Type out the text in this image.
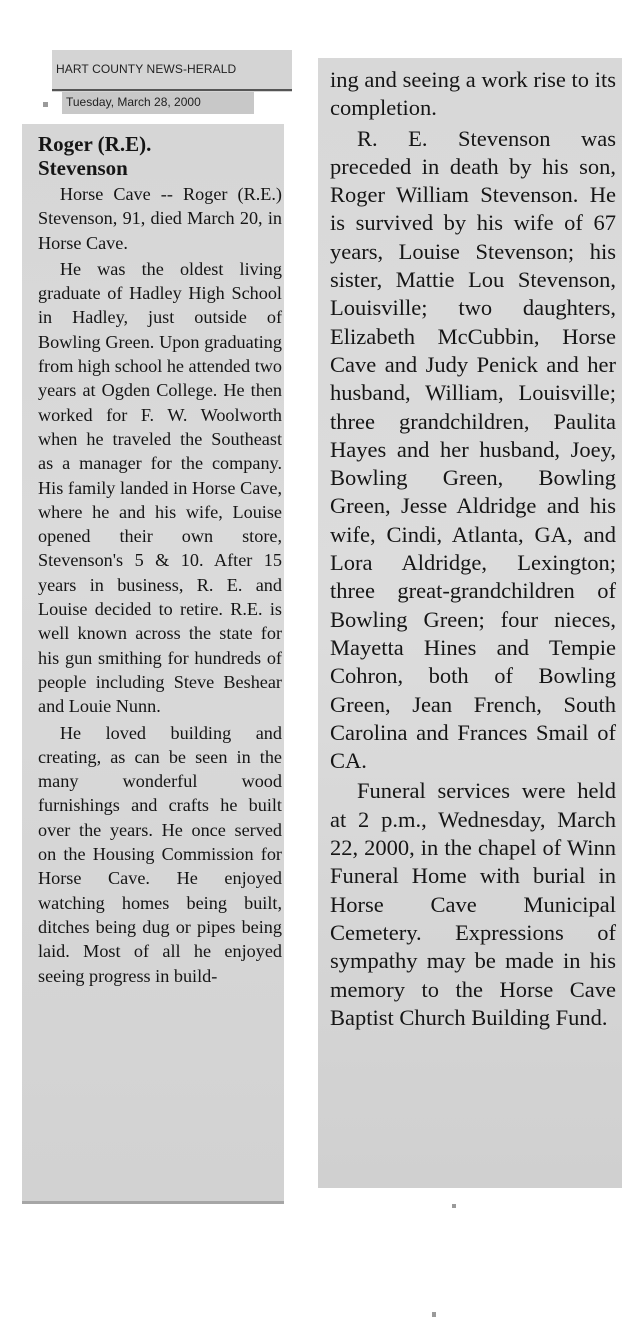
HART COUNTY NEWS-HERALD
Tuesday, March 28, 2000

Roger (R.E).
Stevenson

Horse Cave -- Roger (R.E.) Stevenson, 91, died March 20, in Horse Cave.

He was the oldest living graduate of Hadley High School in Hadley, just outside of Bowling Green. Upon graduating from high school he attended two years at Ogden College. He then worked for F. W. Woolworth when he traveled the Southeast as a manager for the company. His family landed in Horse Cave, where he and his wife, Louise opened their own store, Stevenson's 5 & 10. After 15 years in business, R. E. and Louise decided to retire. R.E. is well known across the state for his gun smithing for hundreds of people including Steve Beshear and Louie Nunn.

He loved building and creating, as can be seen in the many wonderful wood furnishings and crafts he built over the years. He once served on the Housing Commission for Horse Cave. He enjoyed watching homes being built, ditches being dug or pipes being laid. Most of all he enjoyed seeing progress in build-

ing and seeing a work rise to its completion.

R. E. Stevenson was preceded in death by his son, Roger William Stevenson. He is survived by his wife of 67 years, Louise Stevenson; his sister, Mattie Lou Stevenson, Louisville; two daughters, Elizabeth McCubbin, Horse Cave and Judy Penick and her husband, William, Louisville; three grandchildren, Paulita Hayes and her husband, Joey, Bowling Green, Bowling Green, Jesse Aldridge and his wife, Cindi, Atlanta, GA, and Lora Aldridge, Lexington; three great-grandchildren of Bowling Green; four nieces, Mayetta Hines and Tempie Cohron, both of Bowling Green, Jean French, South Carolina and Frances Smail of CA.

Funeral services were held at 2 p.m., Wednesday, March 22, 2000, in the chapel of Winn Funeral Home with burial in Horse Cave Municipal Cemetery. Expressions of sympathy may be made in his memory to the Horse Cave Baptist Church Building Fund.
